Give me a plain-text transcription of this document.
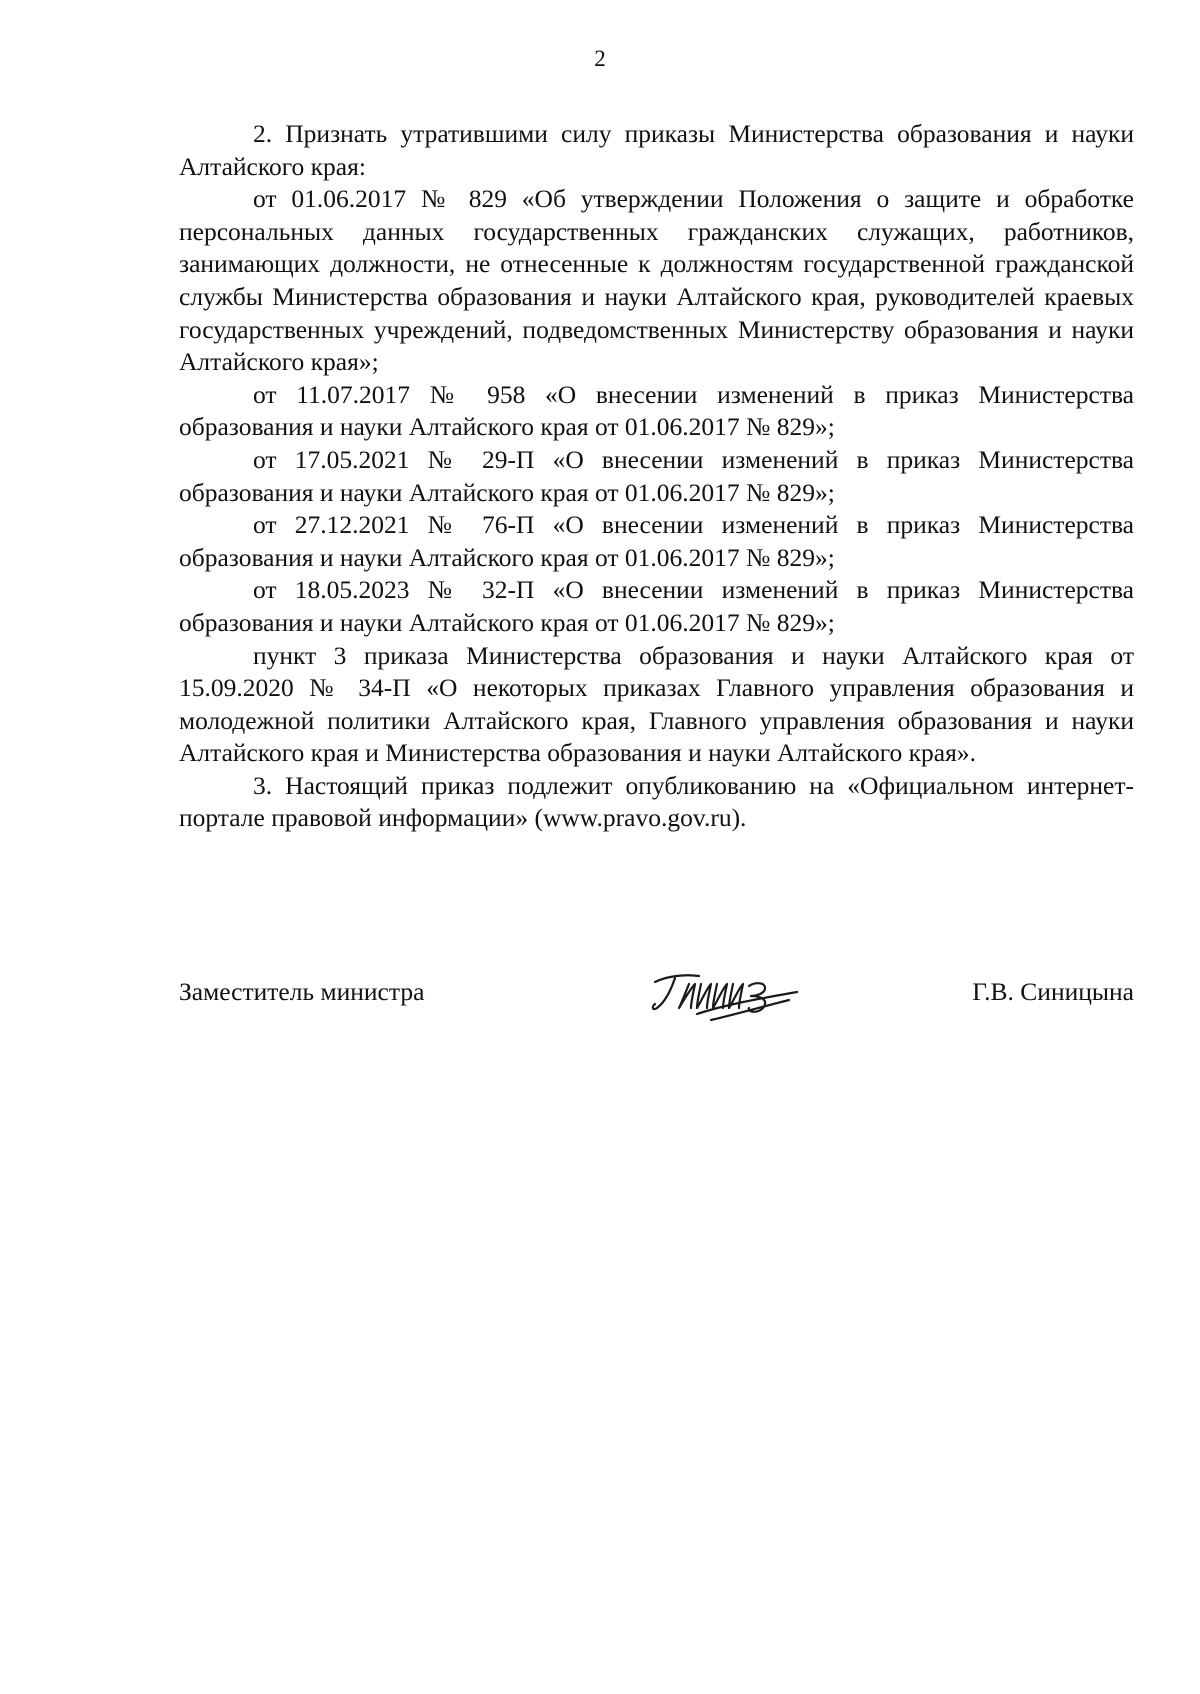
2

2. Признать утратившими силу приказы Министерства образования и науки Алтайского края:

от 01.06.2017 № 829 «Об утверждении Положения о защите и обработке персональных данных государственных гражданских служащих, работников, занимающих должности, не отнесенные к должностям государственной гражданской службы Министерства образования и науки Алтайского края, руководителей краевых государственных учреждений, подведомственных Министерству образования и науки Алтайского края»;

от 11.07.2017 № 958 «О внесении изменений в приказ Министерства образования и науки Алтайского края от 01.06.2017 № 829»;

от 17.05.2021 № 29-П «О внесении изменений в приказ Министерства образования и науки Алтайского края от 01.06.2017 № 829»;

от 27.12.2021 № 76-П «О внесении изменений в приказ Министерства образования и науки Алтайского края от 01.06.2017 № 829»;

от 18.05.2023 № 32-П «О внесении изменений в приказ Министерства образования и науки Алтайского края от 01.06.2017 № 829»;

пункт 3 приказа Министерства образования и науки Алтайского края от 15.09.2020 № 34-П «О некоторых приказах Главного управления образования и молодежной политики Алтайского края, Главного управления образования и науки Алтайского края и Министерства образования и науки Алтайского края».

3. Настоящий приказ подлежит опубликованию на «Официальном интернет-портале правовой информации» (www.pravo.gov.ru).

Заместитель министра	Г.В. Синицына
